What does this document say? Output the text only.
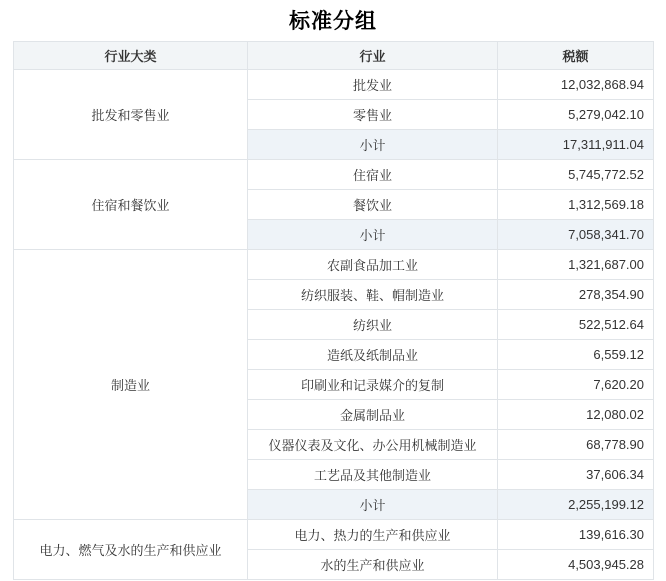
标准分组
行业大类	行业	税额
批发和零售业	批发业	12,032,868.94
	零售业	5,279,042.10
	小计	17,311,911.04
住宿和餐饮业	住宿业	5,745,772.52
	餐饮业	1,312,569.18
	小计	7,058,341.70
制造业	农副食品加工业	1,321,687.00
	纺织服装、鞋、帽制造业	278,354.90
	纺织业	522,512.64
	造纸及纸制品业	6,559.12
	印刷业和记录媒介的复制	7,620.20
	金属制品业	12,080.02
	仪器仪表及文化、办公用机械制造业	68,778.90
	工艺品及其他制造业	37,606.34
	小计	2,255,199.12
电力、燃气及水的生产和供应业	电力、热力的生产和供应业	139,616.30
	水的生产和供应业	4,503,945.28
